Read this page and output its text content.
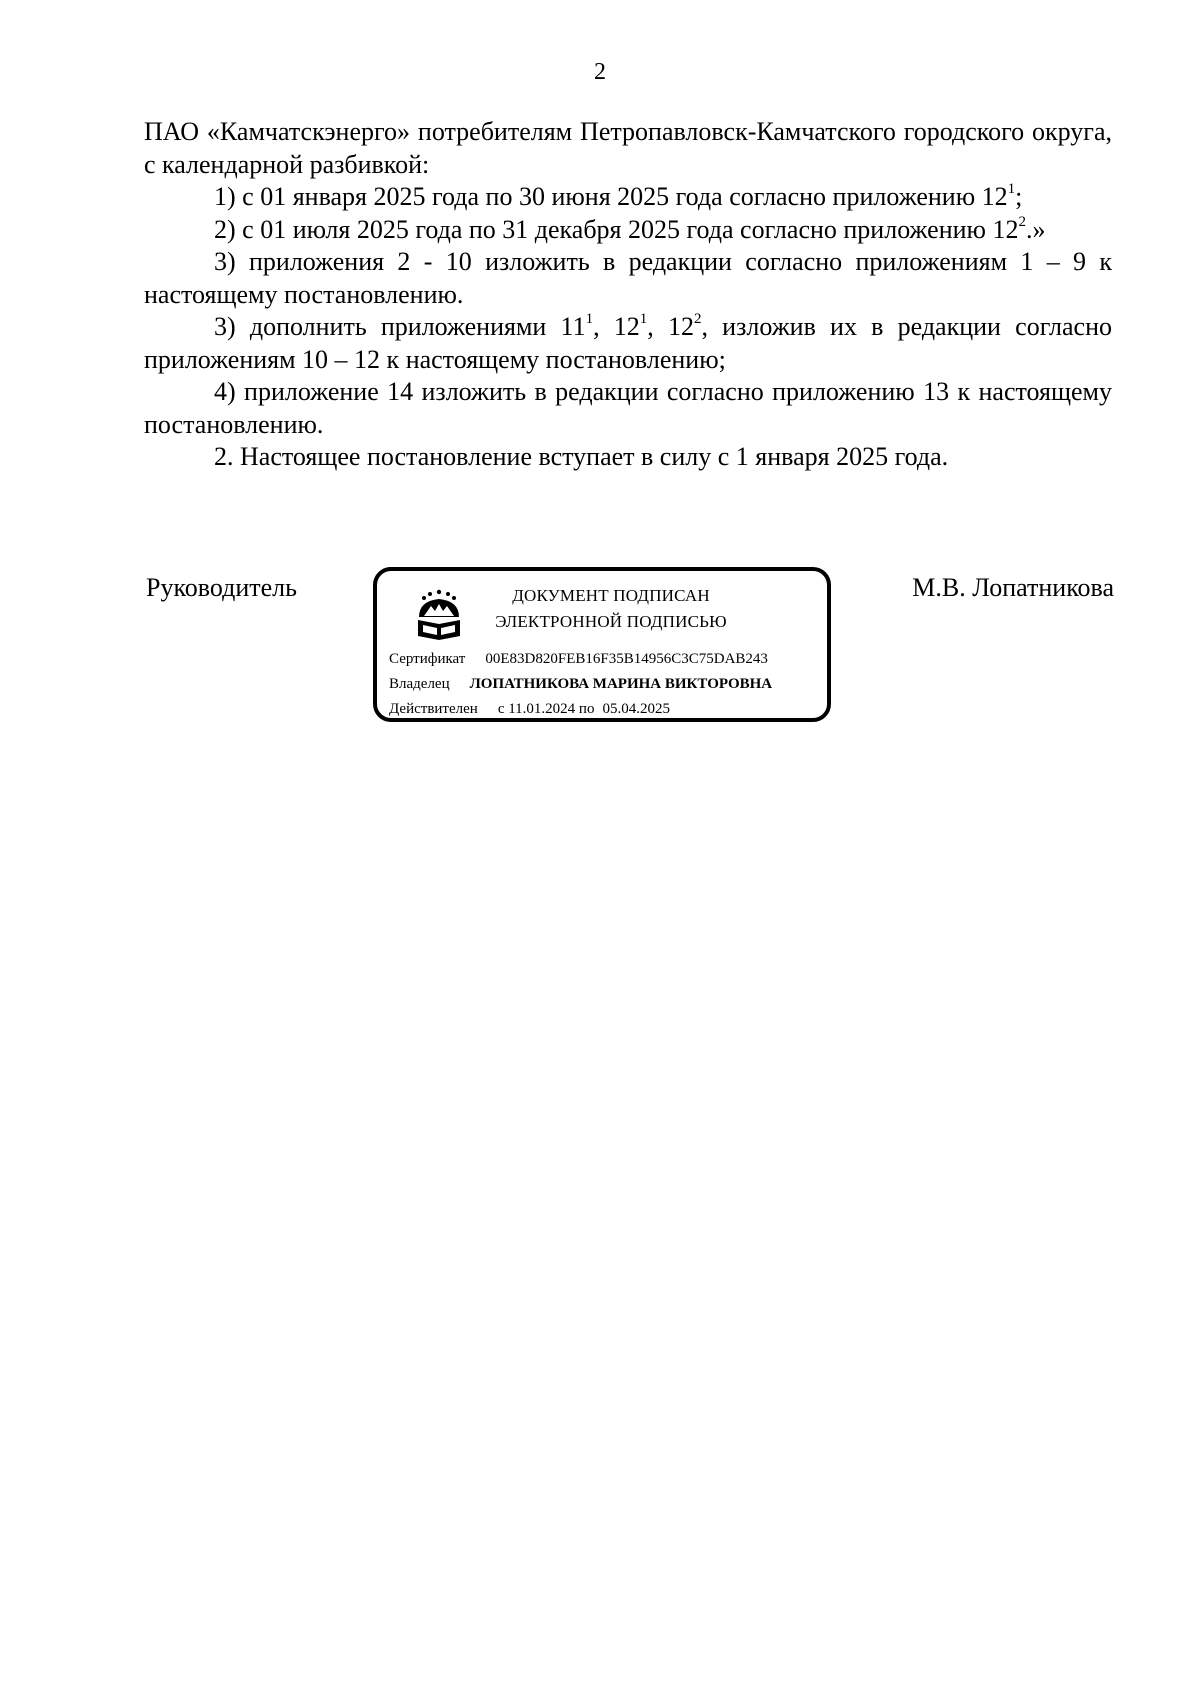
2

ПАО «Камчатскэнерго» потребителям Петропавловск-Камчатского городского округа, с календарной разбивкой:

1) с 01 января 2025 года по 30 июня 2025 года согласно приложению $12^1$;

2) с 01 июля 2025 года по 31 декабря 2025 года согласно приложению $12^2$.»

3) приложения 2 - 10 изложить в редакции согласно приложениям 1 – 9 к настоящему постановлению.

3) дополнить приложениями $11^1$, $12^1$, $12^2$, изложив их в редакции согласно приложениям 10 – 12 к настоящему постановлению;

4) приложение 14 изложить в редакции согласно приложению 13 к настоящему постановлению.

2. Настоящее постановление вступает в силу с 1 января 2025 года.

Руководитель	ДОКУМЕНТ ПОДПИСАН
ЭЛЕКТРОННОЙ ПОДПИСЬЮ
Сертификат 00E83D820FEB16F35B14956C3C75DAB243
Владелец ЛОПАТНИКОВА МАРИНА ВИКТОРОВНА
Действителен с 11.01.2024 по 05.04.2025
М.В. Лопатникова
